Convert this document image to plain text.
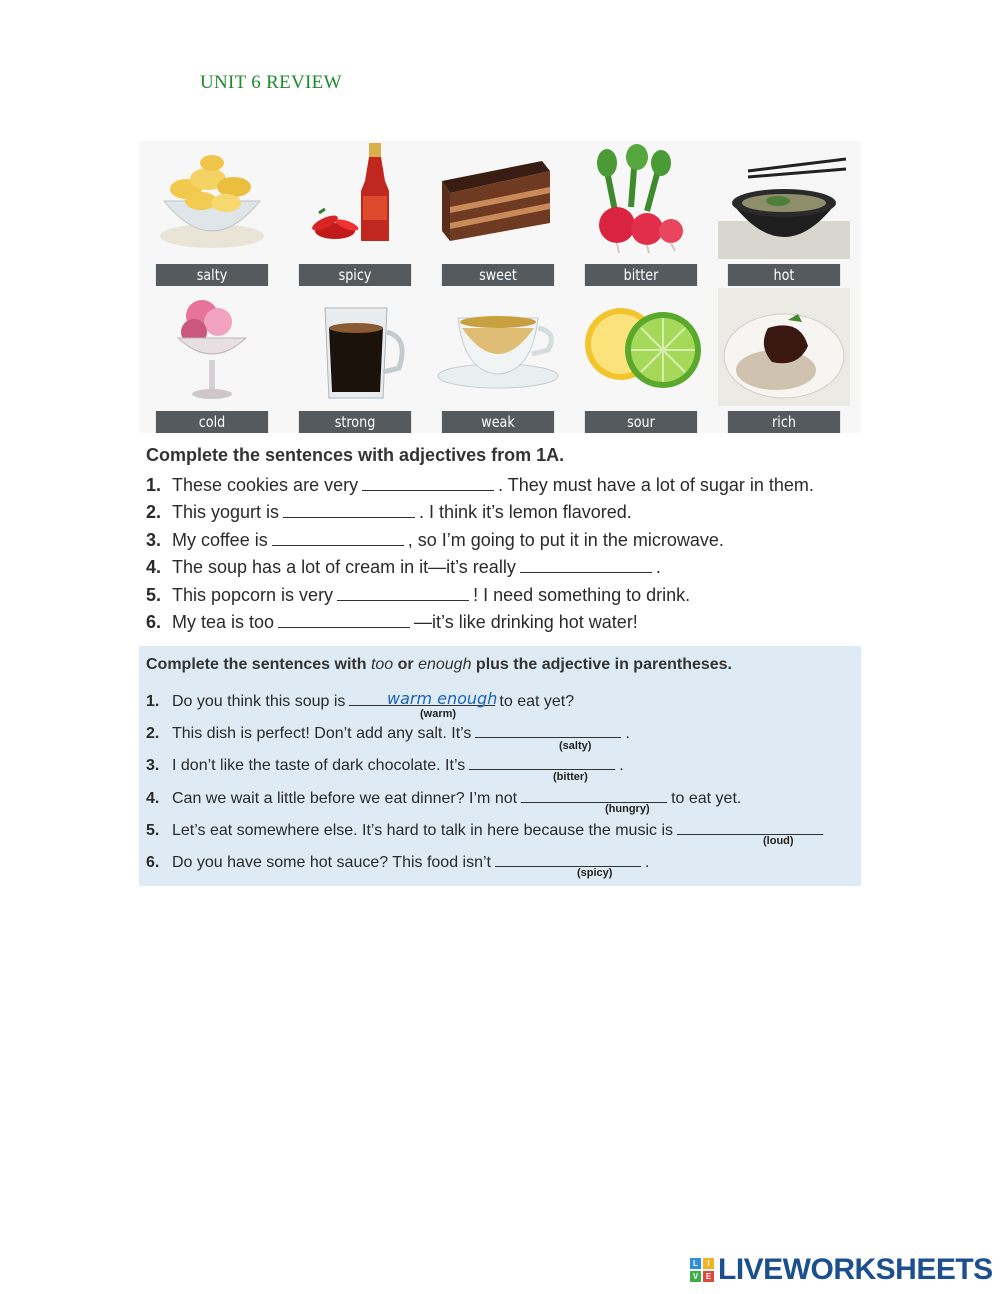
UNIT 6 REVIEW
salty	spicy	sweet	bitter	hot
cold	strong	weak	sour	rich
Complete the sentences with adjectives from 1A.
1. These cookies are very	. They must have a lot of sugar in them.
2. This yogurt is	. I think it’s lemon flavored.
3. My coffee is	, so I’m going to put it in the microwave.
4. The soup has a lot of cream in it—it’s really	.
5. This popcorn is very	! I need something to drink.
6. My tea is too	—it’s like drinking hot water!
Complete the sentences with too or enough plus the adjective in parentheses.
1. Do you think this soup is	to eat yet?
warm enough
(warm)
2. This dish is perfect! Don’t add any salt. It’s	.
(salty)
3. I don’t like the taste of dark chocolate. It’s	.
(bitter)
4. Can we wait a little before we eat dinner? I’m not	to eat yet.
(hungry)
5. Let’s eat somewhere else. It’s hard to talk in here because the music is
(loud)
6. Do you have some hot sauce? This food isn’t	.
(spicy)
L	I
V E LIVEWORKSHEETS
